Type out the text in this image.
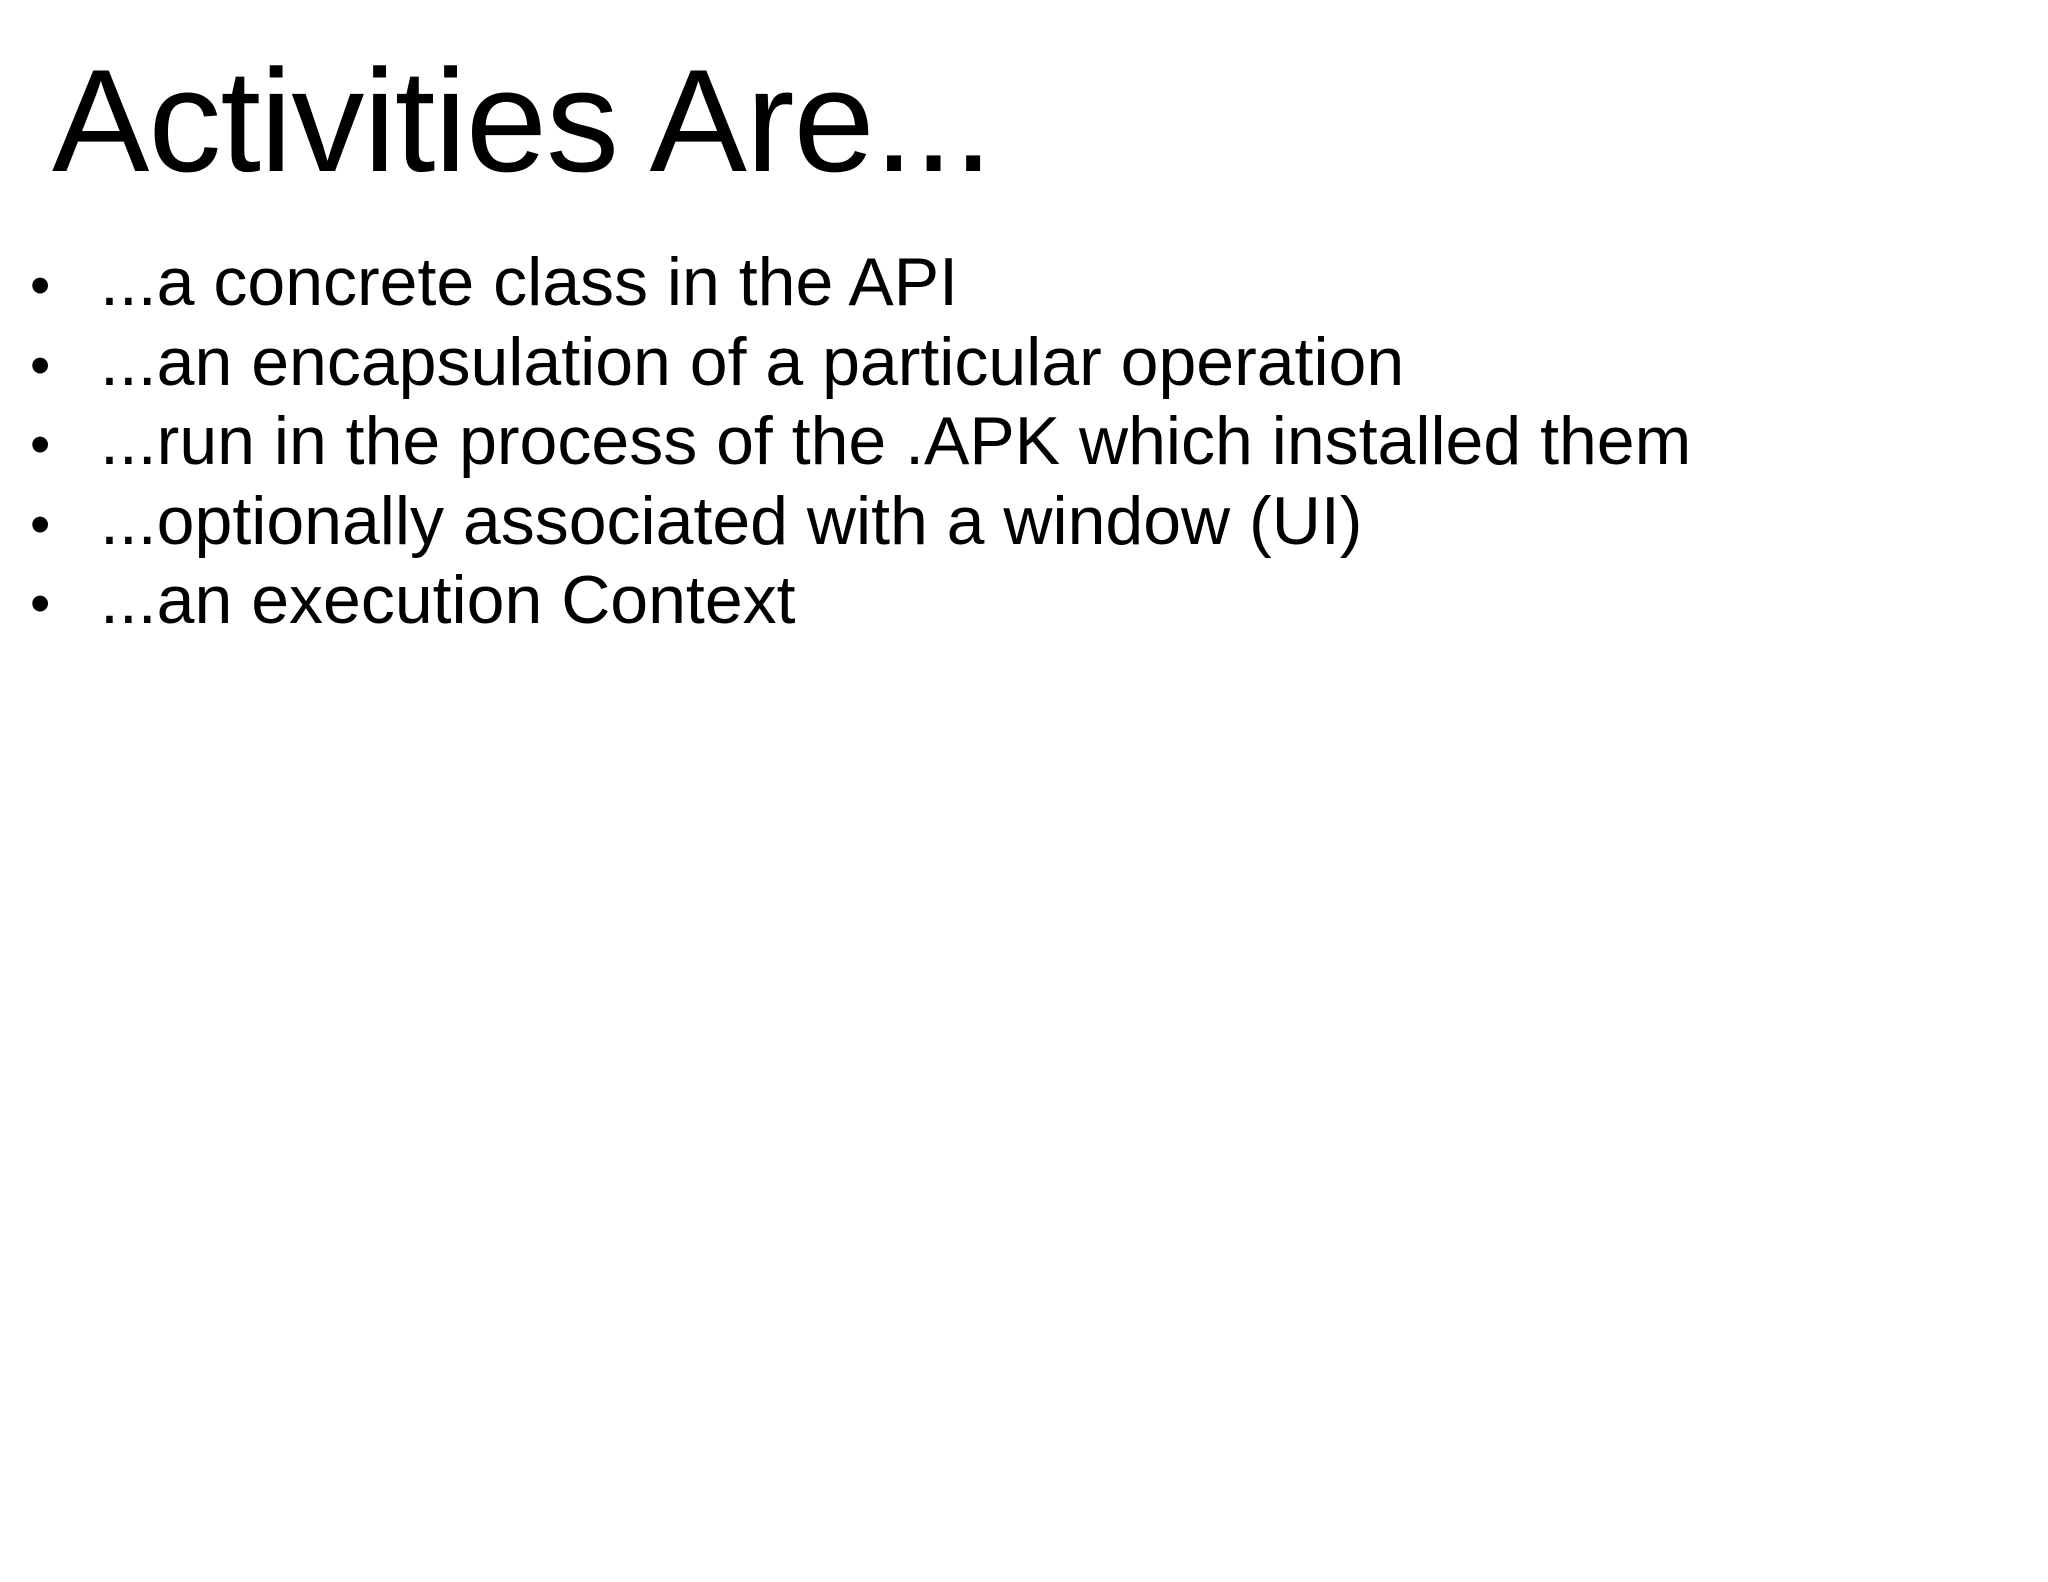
Activities Are...
• ...a concrete class in the API
• ...an encapsulation of a particular operation
• ...run in the process of the .APK which installed them
• ...optionally associated with a window (UI)
• ...an execution Context
